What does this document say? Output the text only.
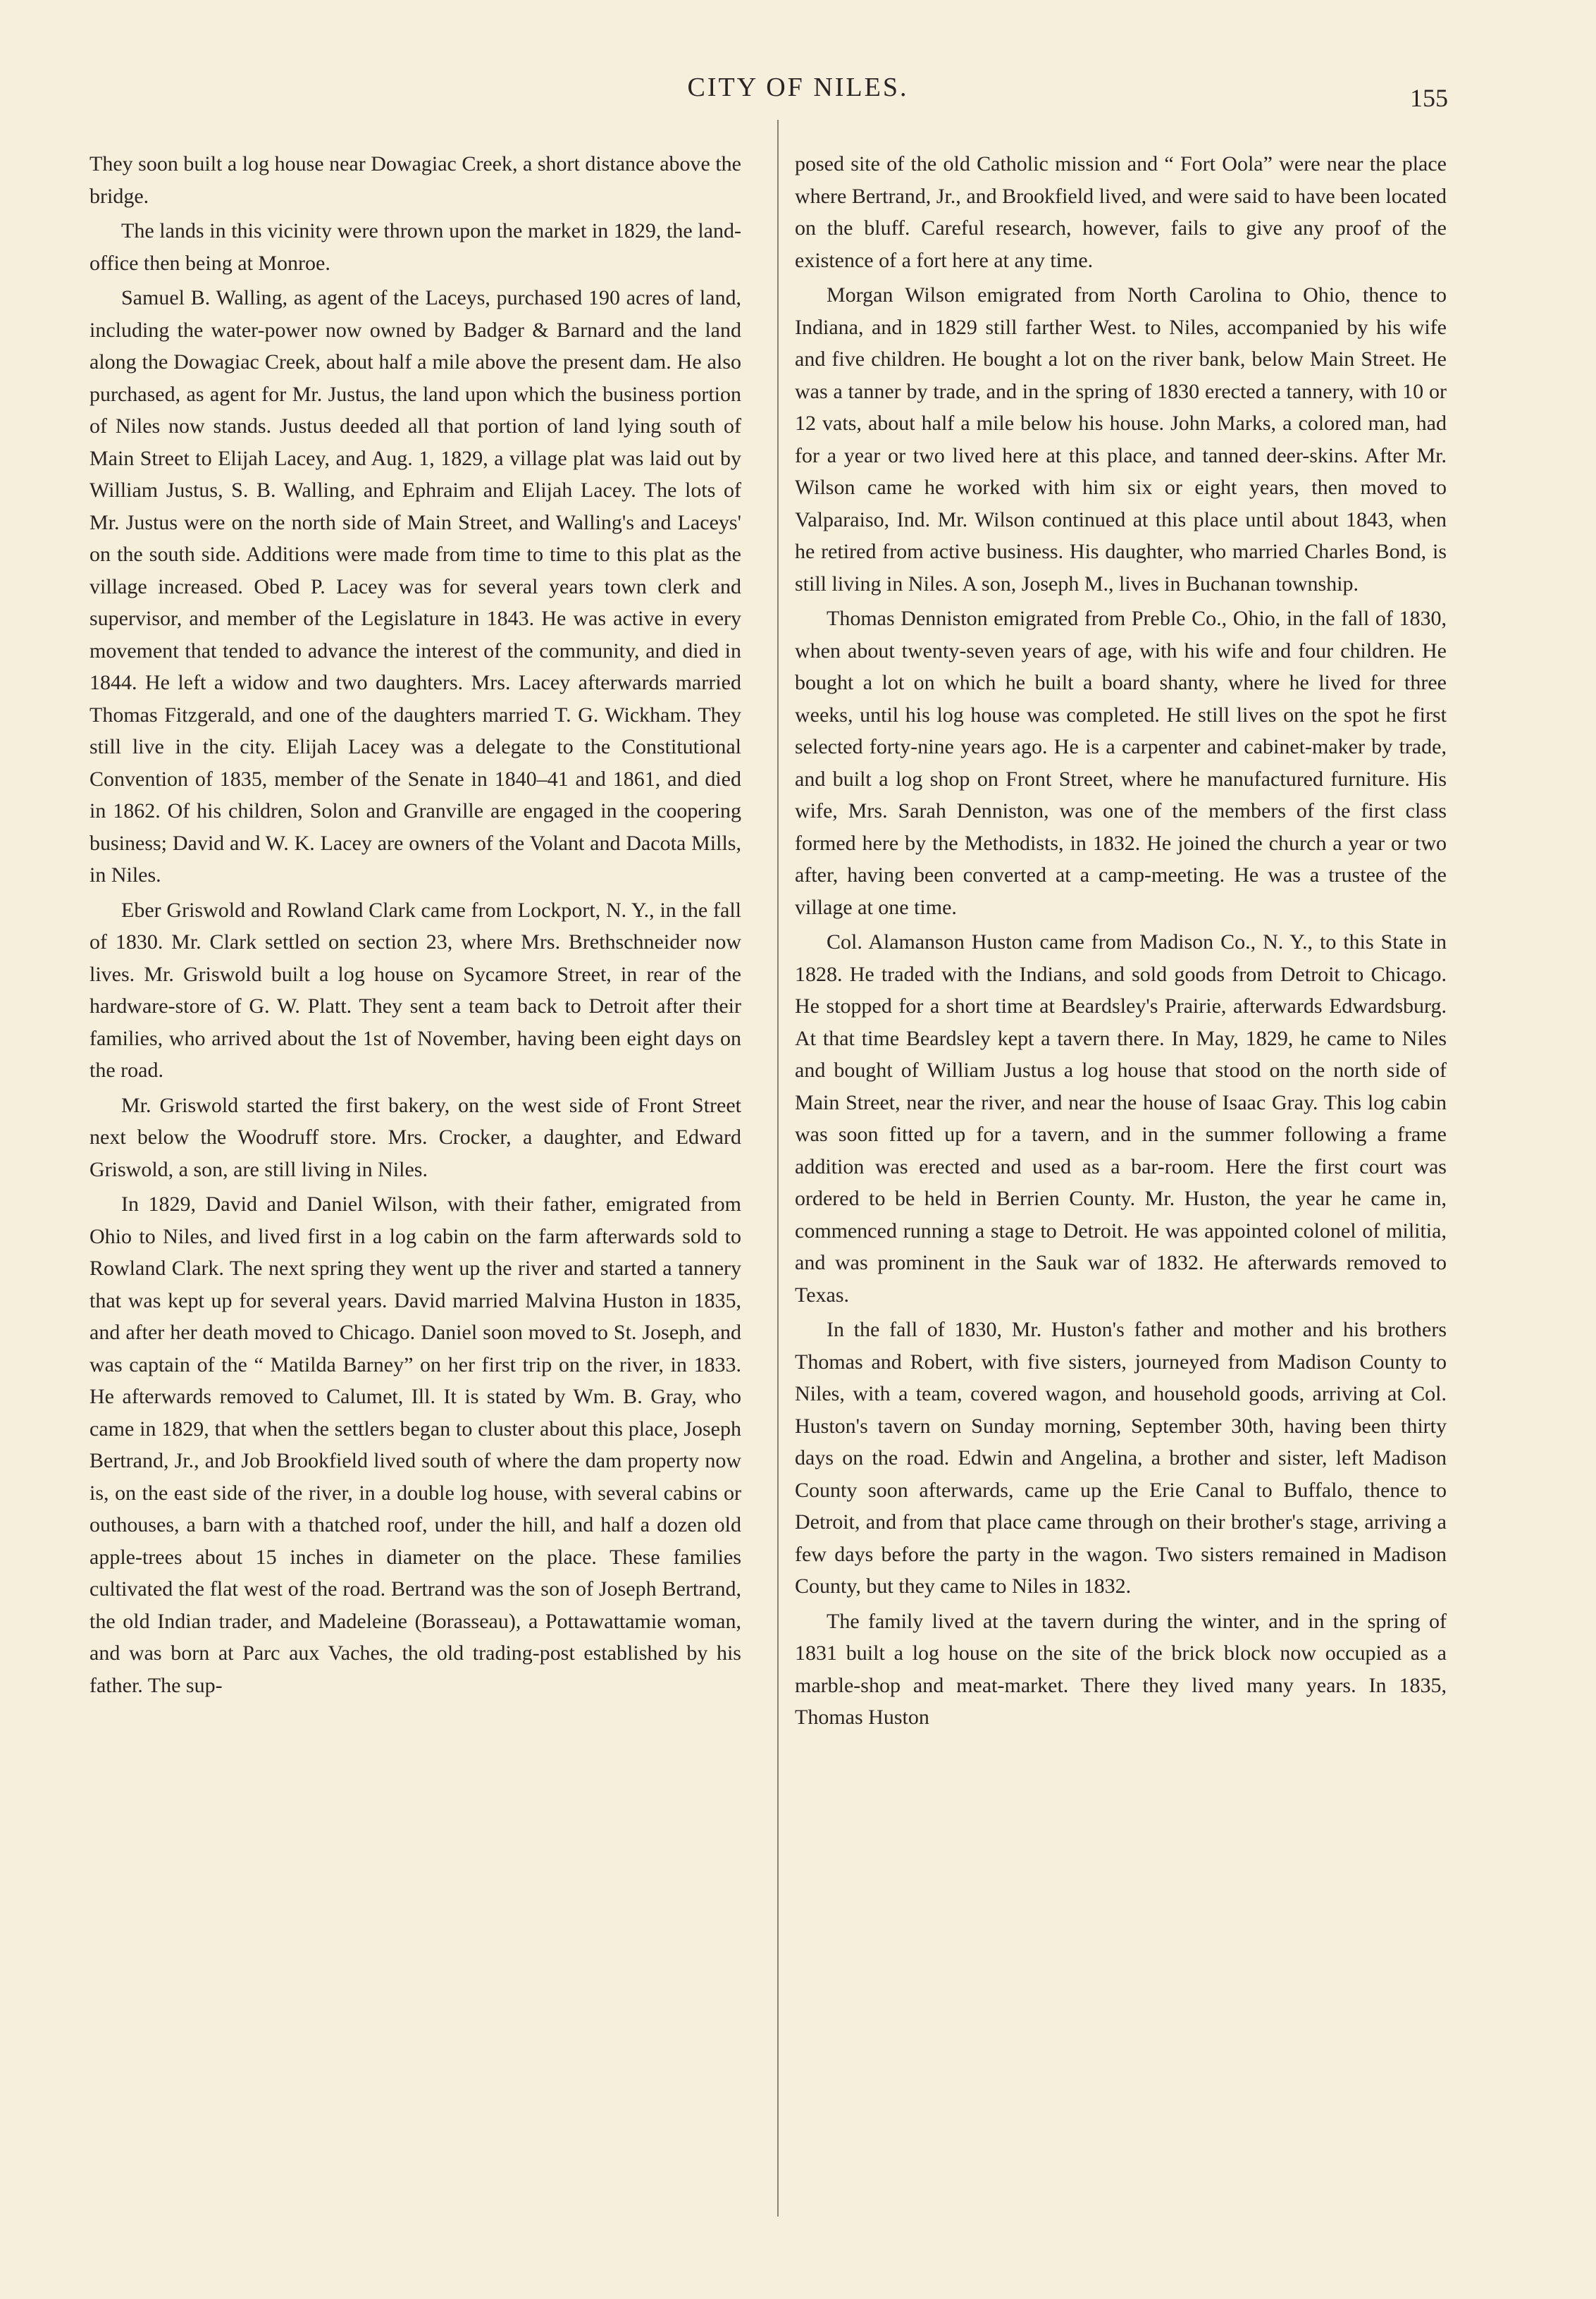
CITY OF NILES.	155

They soon built a log house near Dowagiac Creek, a short distance above the bridge.

The lands in this vicinity were thrown upon the market in 1829, the land-office then being at Monroe.

Samuel B. Walling, as agent of the Laceys, purchased 190 acres of land, including the water-power now owned by Badger & Barnard and the land along the Dowagiac Creek, about half a mile above the present dam. He also purchased, as agent for Mr. Justus, the land upon which the business portion of Niles now stands. Justus deeded all that portion of land lying south of Main Street to Elijah Lacey, and Aug. 1, 1829, a village plat was laid out by William Justus, S. B. Walling, and Ephraim and Elijah Lacey. The lots of Mr. Justus were on the north side of Main Street, and Walling's and Laceys' on the south side. Additions were made from time to time to this plat as the village increased. Obed P. Lacey was for several years town clerk and supervisor, and member of the Legislature in 1843. He was active in every movement that tended to advance the interest of the community, and died in 1844. He left a widow and two daughters. Mrs. Lacey afterwards married Thomas Fitzgerald, and one of the daughters married T. G. Wickham. They still live in the city. Elijah Lacey was a delegate to the Constitutional Convention of 1835, member of the Senate in 1840–41 and 1861, and died in 1862. Of his children, Solon and Granville are engaged in the coopering business; David and W. K. Lacey are owners of the Volant and Dacota Mills, in Niles.

Eber Griswold and Rowland Clark came from Lockport, N. Y., in the fall of 1830. Mr. Clark settled on section 23, where Mrs. Brethschneider now lives. Mr. Griswold built a log house on Sycamore Street, in rear of the hardware-store of G. W. Platt. They sent a team back to Detroit after their families, who arrived about the 1st of November, having been eight days on the road.

Mr. Griswold started the first bakery, on the west side of Front Street next below the Woodruff store. Mrs. Crocker, a daughter, and Edward Griswold, a son, are still living in Niles.

In 1829, David and Daniel Wilson, with their father, emigrated from Ohio to Niles, and lived first in a log cabin on the farm afterwards sold to Rowland Clark. The next spring they went up the river and started a tannery that was kept up for several years. David married Malvina Huston in 1835, and after her death moved to Chicago. Daniel soon moved to St. Joseph, and was captain of the “ Matilda Barney” on her first trip on the river, in 1833. He afterwards removed to Calumet, Ill. It is stated by Wm. B. Gray, who came in 1829, that when the settlers began to cluster about this place, Joseph Bertrand, Jr., and Job Brookfield lived south of where the dam property now is, on the east side of the river, in a double log house, with several cabins or outhouses, a barn with a thatched roof, under the hill, and half a dozen old apple-trees about 15 inches in diameter on the place. These families cultivated the flat west of the road. Bertrand was the son of Joseph Bertrand, the old Indian trader, and Madeleine (Borasseau), a Pottawattamie woman, and was born at Parc aux Vaches, the old trading-post established by his father. The sup-

posed site of the old Catholic mission and “ Fort Oola” were near the place where Bertrand, Jr., and Brookfield lived, and were said to have been located on the bluff. Careful research, however, fails to give any proof of the existence of a fort here at any time.

Morgan Wilson emigrated from North Carolina to Ohio, thence to Indiana, and in 1829 still farther West. to Niles, accompanied by his wife and five children. He bought a lot on the river bank, below Main Street. He was a tanner by trade, and in the spring of 1830 erected a tannery, with 10 or 12 vats, about half a mile below his house. John Marks, a colored man, had for a year or two lived here at this place, and tanned deer-skins. After Mr. Wilson came he worked with him six or eight years, then moved to Valparaiso, Ind. Mr. Wilson continued at this place until about 1843, when he retired from active business. His daughter, who married Charles Bond, is still living in Niles. A son, Joseph M., lives in Buchanan township.

Thomas Denniston emigrated from Preble Co., Ohio, in the fall of 1830, when about twenty-seven years of age, with his wife and four children. He bought a lot on which he built a board shanty, where he lived for three weeks, until his log house was completed. He still lives on the spot he first selected forty-nine years ago. He is a carpenter and cabinet-maker by trade, and built a log shop on Front Street, where he manufactured furniture. His wife, Mrs. Sarah Denniston, was one of the members of the first class formed here by the Methodists, in 1832. He joined the church a year or two after, having been converted at a camp-meeting. He was a trustee of the village at one time.

Col. Alamanson Huston came from Madison Co., N. Y., to this State in 1828. He traded with the Indians, and sold goods from Detroit to Chicago. He stopped for a short time at Beardsley's Prairie, afterwards Edwardsburg. At that time Beardsley kept a tavern there. In May, 1829, he came to Niles and bought of William Justus a log house that stood on the north side of Main Street, near the river, and near the house of Isaac Gray. This log cabin was soon fitted up for a tavern, and in the summer following a frame addition was erected and used as a bar-room. Here the first court was ordered to be held in Berrien County. Mr. Huston, the year he came in, commenced running a stage to Detroit. He was appointed colonel of militia, and was prominent in the Sauk war of 1832. He afterwards removed to Texas.

In the fall of 1830, Mr. Huston's father and mother and his brothers Thomas and Robert, with five sisters, journeyed from Madison County to Niles, with a team, covered wagon, and household goods, arriving at Col. Huston's tavern on Sunday morning, September 30th, having been thirty days on the road. Edwin and Angelina, a brother and sister, left Madison County soon afterwards, came up the Erie Canal to Buffalo, thence to Detroit, and from that place came through on their brother's stage, arriving a few days before the party in the wagon. Two sisters remained in Madison County, but they came to Niles in 1832.

The family lived at the tavern during the winter, and in the spring of 1831 built a log house on the site of the brick block now occupied as a marble-shop and meat-market. There they lived many years. In 1835, Thomas Huston
